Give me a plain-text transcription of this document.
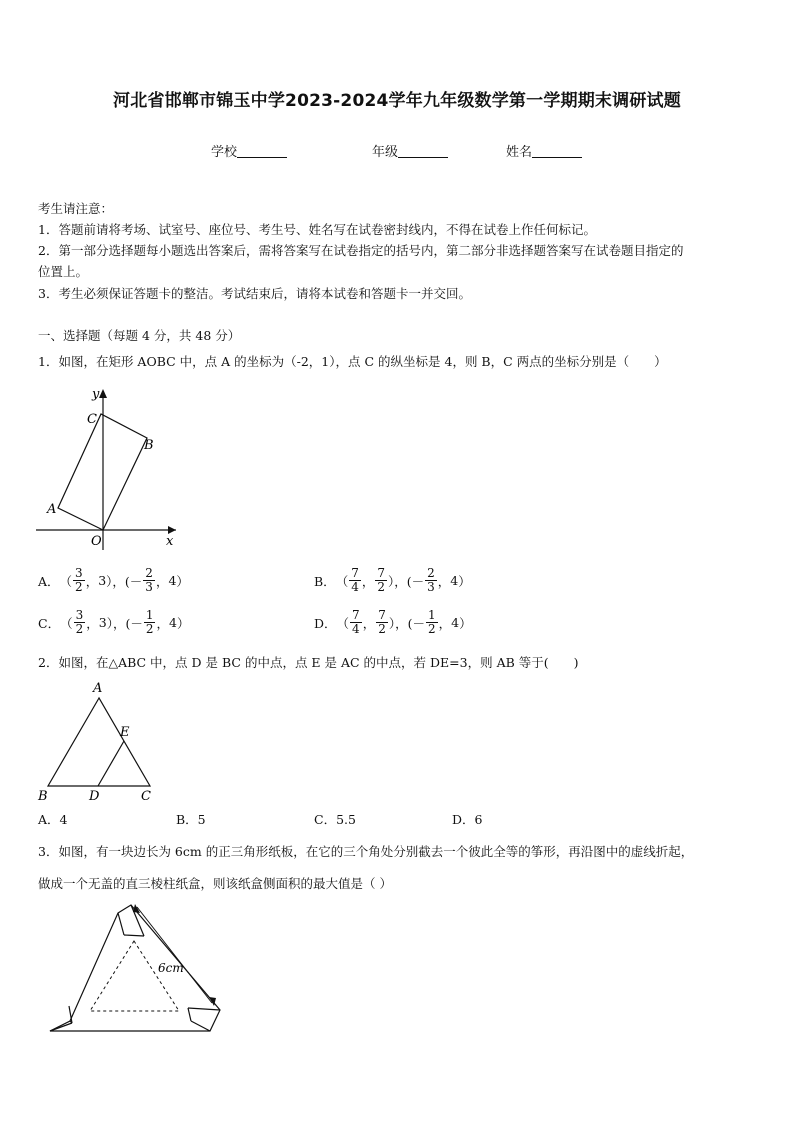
河北省邯郸市锦玉中学2023-2024学年九年级数学第一学期期末调研试题
学校	年级	姓名
考生请注意：
1．答题前请将考场、试室号、座位号、考生号、姓名写在试卷密封线内，不得在试卷上作任何标记。
2．第一部分选择题每小题选出答案后，需将答案写在试卷指定的括号内，第二部分非选择题答案写在试卷题目指定的
位置上。
3．考生必须保证答题卡的整洁。考试结束后，请将本试卷和答题卡一并交回。
一、选择题（每题 4 分，共 48 分）
1．如图，在矩形 AOBC 中，点 A 的坐标为（-2，1），点 C 的纵坐标是 4，则 B，C 两点的坐标分别是（　　）
y
x
O
A
B
C
A． （ $\frac{3}{2}$ ， 3 ），(－ $\frac{2}{3}$ ， 4 ）	B． （ $\frac{7}{4}$ ， $\frac{7}{2}$ ），(－ $\frac{2}{3}$ ， 4 ）
C． （ $\frac{3}{2}$ ， 3 ），(－ $\frac{1}{2}$ ， 4 ）	D． （ $\frac{7}{4}$ ， $\frac{7}{2}$ ），(－ $\frac{1}{2}$ ， 4 ）
2．如图，在△ABC 中，点 D 是 BC 的中点，点 E 是 AC 的中点，若 DE=3，则 AB 等于(　　)
A
B	C
D
E
A．4	B．5	C．5.5	D．6
3．如图，有一块边长为 6cm 的正三角形纸板，在它的三个角处分别截去一个彼此全等的筝形，再沿图中的虚线折起，
做成一个无盖的直三棱柱纸盒，则该纸盒侧面积的最大值是（ ）
6cm
